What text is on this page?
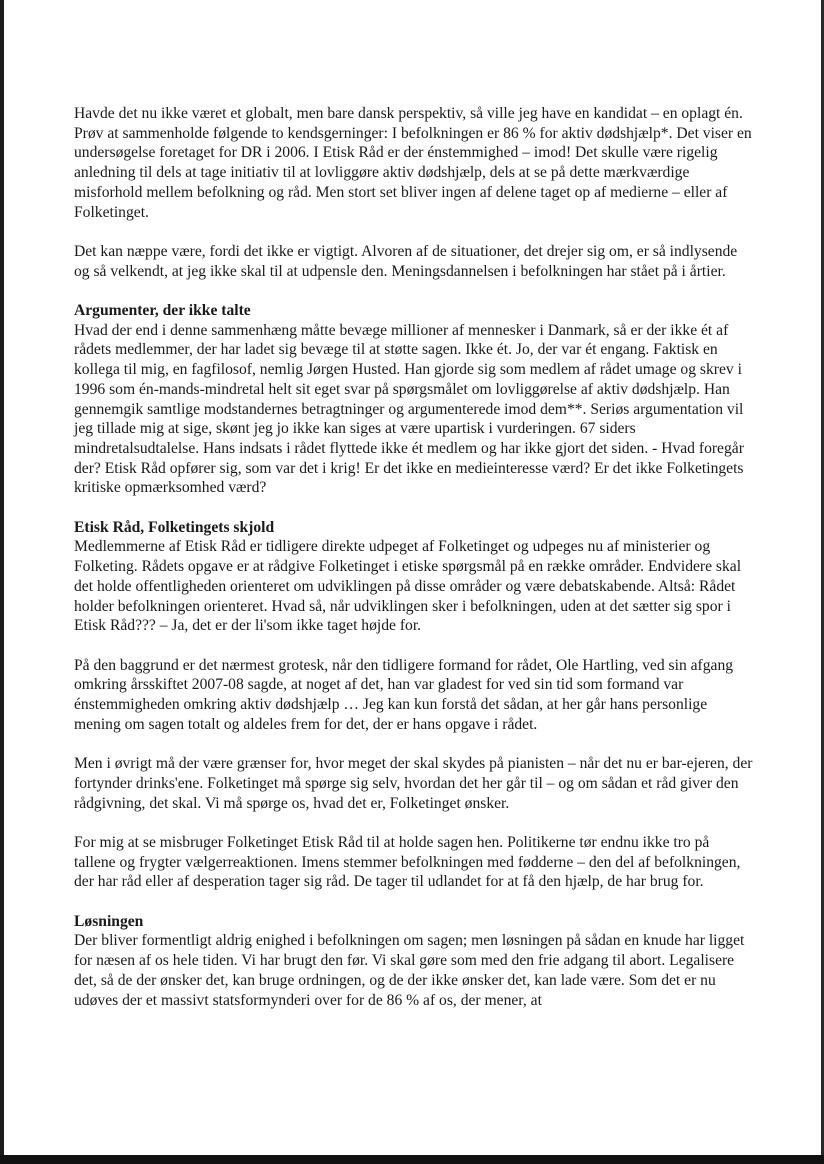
Havde det nu ikke været et globalt, men bare dansk perspektiv, så ville jeg have en kandidat – en oplagt én. Prøv at sammenholde følgende to kendsgerninger: I befolkningen er 86 % for aktiv dødshjælp*. Det viser en undersøgelse foretaget for DR i 2006. I Etisk Råd er der énstemmighed – imod! Det skulle være rigelig anledning til dels at tage initiativ til at lovliggøre aktiv dødshjælp, dels at se på dette mærkværdige misforhold mellem befolkning og råd. Men stort set bliver ingen af delene taget op af medierne – eller af Folketinget.

Det kan næppe være, fordi det ikke er vigtigt. Alvoren af de situationer, det drejer sig om, er så indlysende og så velkendt, at jeg ikke skal til at udpensle den. Meningsdannelsen i befolkningen har stået på i årtier.

Argumenter, der ikke talte

Hvad der end i denne sammenhæng måtte bevæge millioner af mennesker i Danmark, så er der ikke ét af rådets medlemmer, der har ladet sig bevæge til at støtte sagen. Ikke ét. Jo, der var ét engang. Faktisk en kollega til mig, en fagfilosof, nemlig Jørgen Husted. Han gjorde sig som medlem af rådet umage og skrev i 1996 som én-mands-mindretal helt sit eget svar på spørgsmålet om lovliggørelse af aktiv dødshjælp. Han gennemgik samtlige modstandernes betragtninger og argumenterede imod dem**. Seriøs argumentation vil jeg tillade mig at sige, skønt jeg jo ikke kan siges at være upartisk i vurderingen. 67 siders mindretalsudtalelse. Hans indsats i rådet flyttede ikke ét medlem og har ikke gjort det siden. - Hvad foregår der? Etisk Råd opfører sig, som var det i krig! Er det ikke en medieinteresse værd? Er det ikke Folketingets kritiske opmærksomhed værd?

Etisk Råd, Folketingets skjold

Medlemmerne af Etisk Råd er tidligere direkte udpeget af Folketinget og udpeges nu af ministerier og Folketing. Rådets opgave er at rådgive Folketinget i etiske spørgsmål på en række områder. Endvidere skal det holde offentligheden orienteret om udviklingen på disse områder og være debatskabende. Altså: Rådet holder befolkningen orienteret. Hvad så, når udviklingen sker i befolkningen, uden at det sætter sig spor i Etisk Råd??? – Ja, det er der li'som ikke taget højde for.

På den baggrund er det nærmest grotesk, når den tidligere formand for rådet, Ole Hartling, ved sin afgang omkring årsskiftet 2007-08 sagde, at noget af det, han var gladest for ved sin tid som formand var énstemmigheden omkring aktiv dødshjælp … Jeg kan kun forstå det sådan, at her går hans personlige mening om sagen totalt og aldeles frem for det, der er hans opgave i rådet.

Men i øvrigt må der være grænser for, hvor meget der skal skydes på pianisten – når det nu er bar-ejeren, der fortynder drinks'ene. Folketinget må spørge sig selv, hvordan det her går til – og om sådan et råd giver den rådgivning, det skal. Vi må spørge os, hvad det er, Folketinget ønsker.

For mig at se misbruger Folketinget Etisk Råd til at holde sagen hen. Politikerne tør endnu ikke tro på tallene og frygter vælgerreaktionen. Imens stemmer befolkningen med fødderne – den del af befolkningen, der har råd eller af desperation tager sig råd. De tager til udlandet for at få den hjælp, de har brug for.

Løsningen

Der bliver formentligt aldrig enighed i befolkningen om sagen; men løsningen på sådan en knude har ligget for næsen af os hele tiden. Vi har brugt den før. Vi skal gøre som med den frie adgang til abort. Legalisere det, så de der ønsker det, kan bruge ordningen, og de der ikke ønsker det, kan lade være. Som det er nu udøves der et massivt statsformynderi over for de 86 % af os, der mener, at
